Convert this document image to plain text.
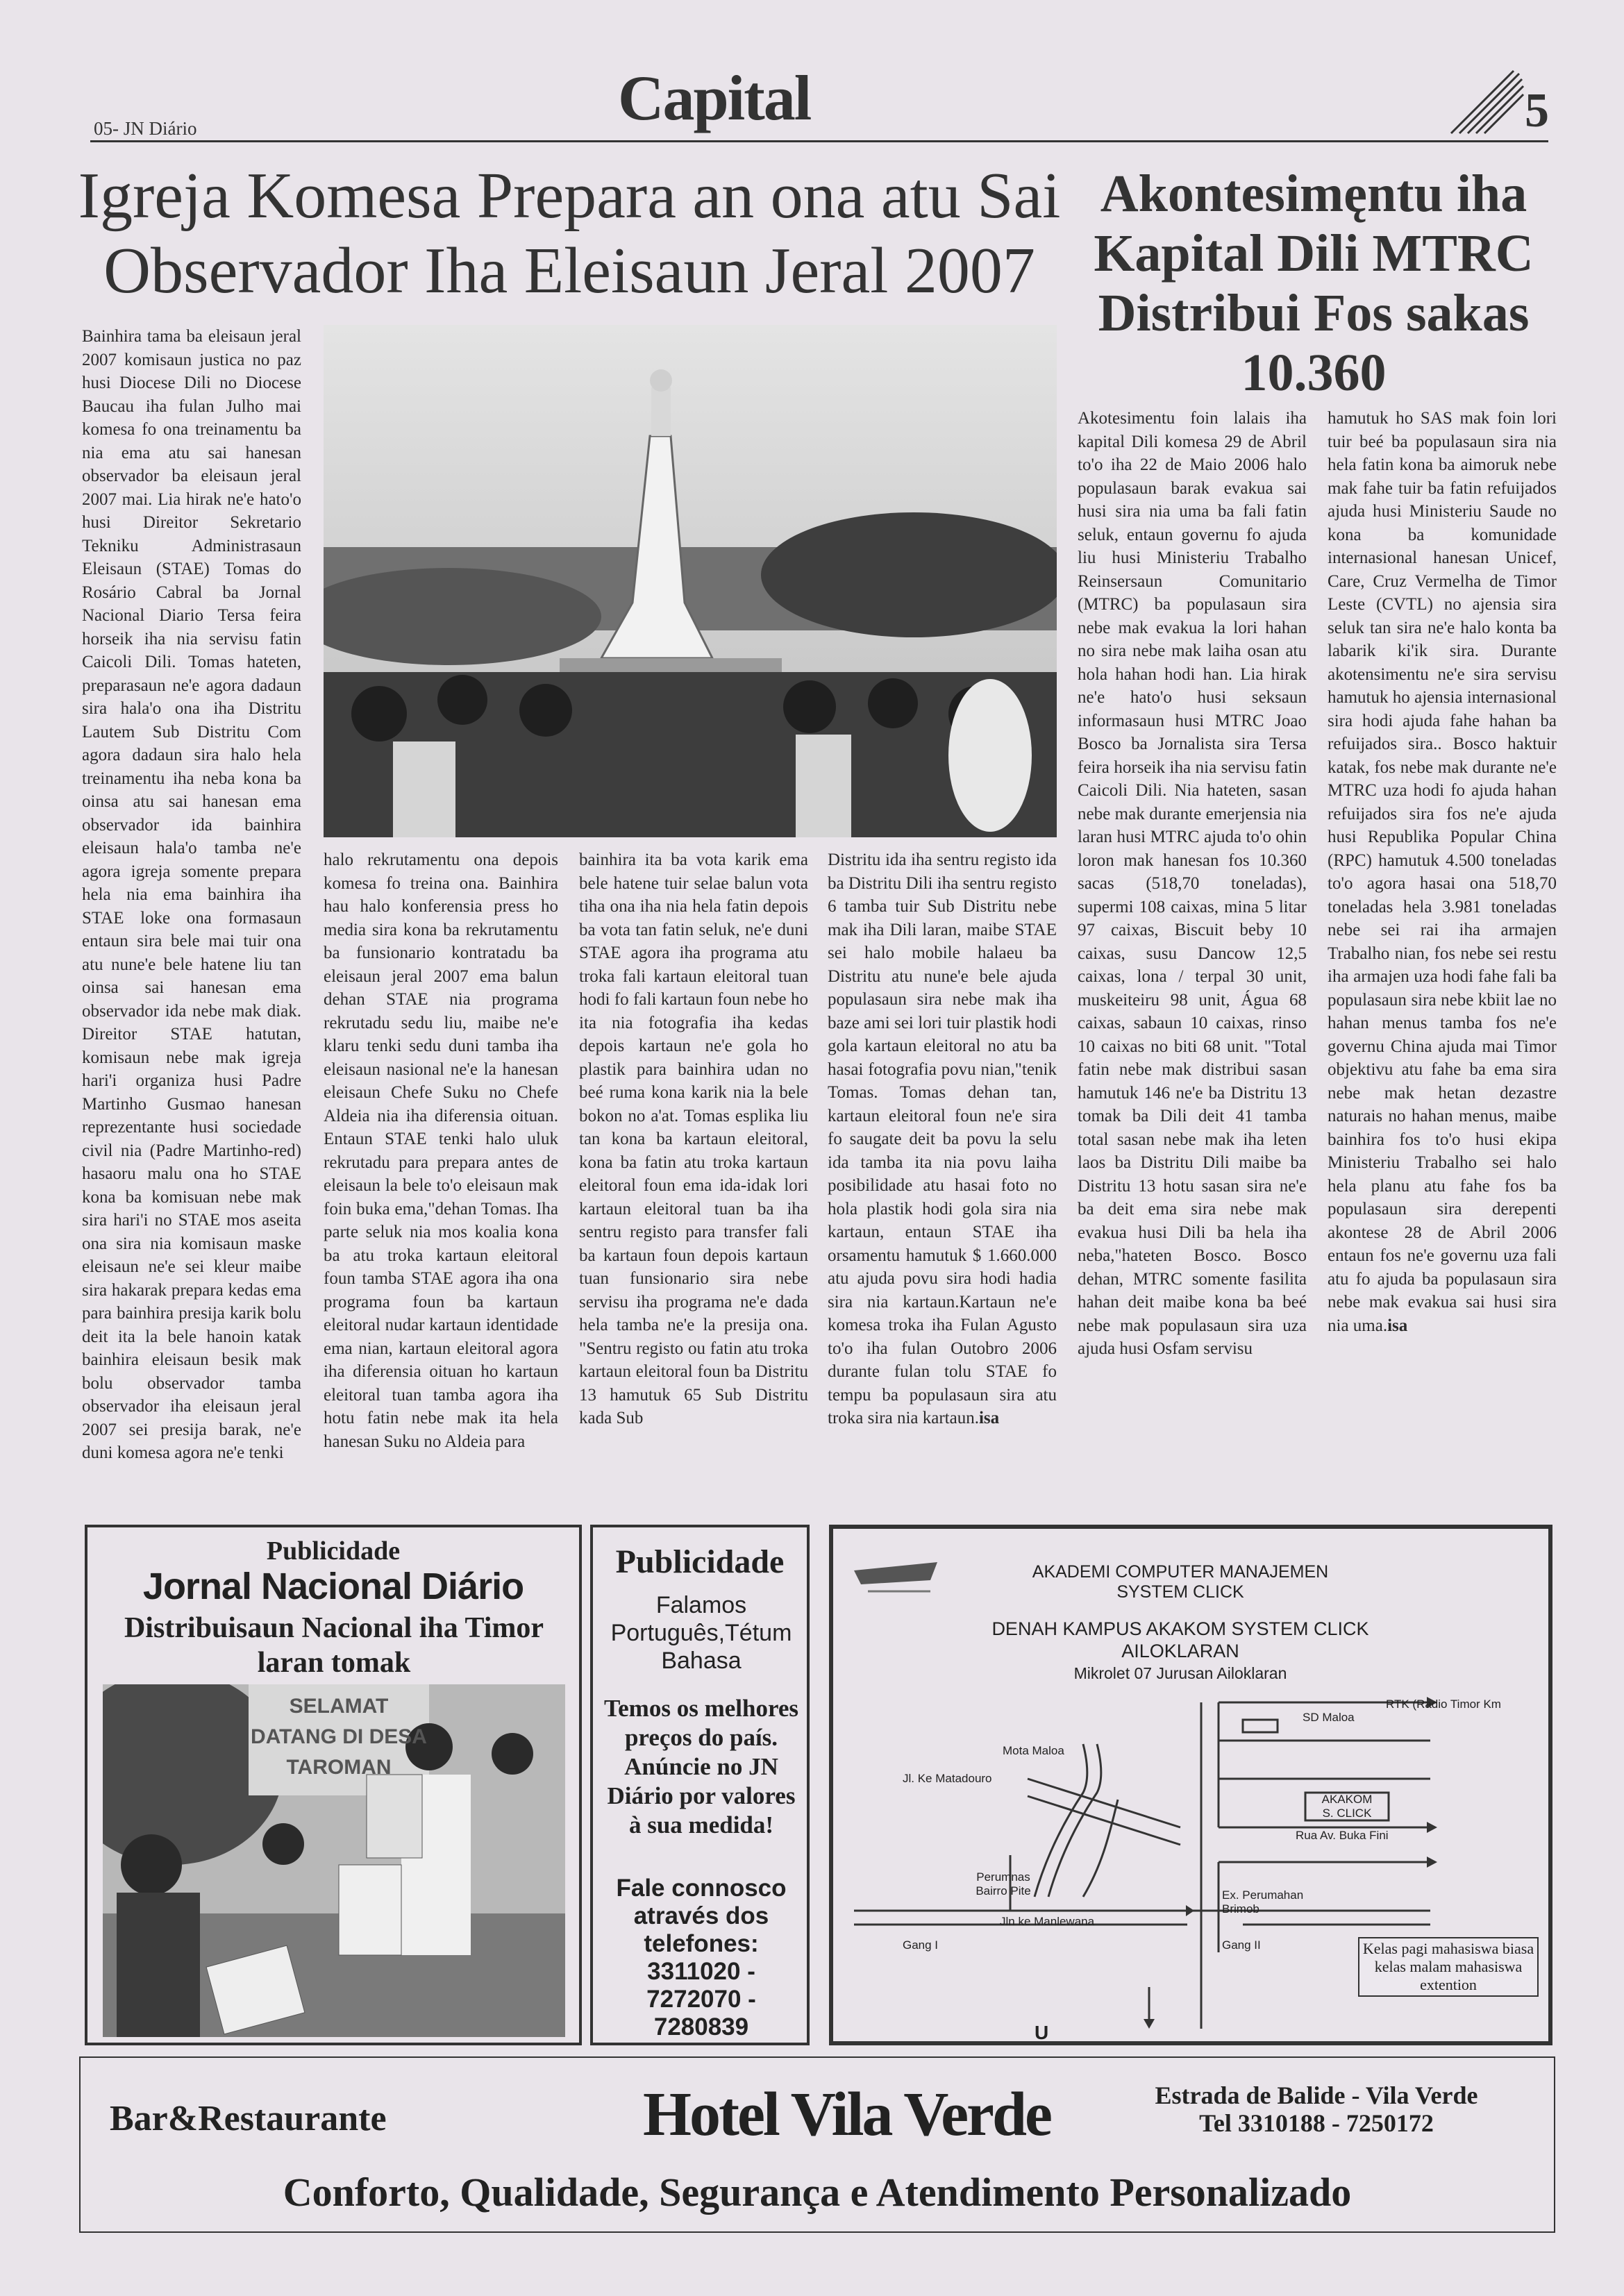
05- JN Diário	Capital	5
Igreja Komesa Prepara an ona atu Sai
Observador Iha Eleisaun Jeral 2007

Bainhira tama ba eleisaun jeral 2007 komisaun justica no paz husi Diocese Dili no Diocese Baucau iha fulan Julho mai komesa fo ona treinamentu ba nia ema atu sai hanesan observador ba eleisaun jeral 2007 mai. Lia hirak ne'e hato'o husi Direitor Sekretario Tekniku Administrasaun Eleisaun (STAE) Tomas do Rosário Cabral ba Jornal Nacional Diario Tersa feira horseik iha nia servisu fatin Caicoli Dili. Tomas hateten, preparasaun ne'e agora dadaun sira hala'o ona iha Distritu Lautem Sub Distritu Com agora dadaun sira halo hela treinamentu iha neba kona ba oinsa atu sai hanesan ema observador ida bainhira eleisaun hala'o tamba ne'e agora igreja somente prepara hela nia ema bainhira iha STAE loke ona formasaun entaun sira bele mai tuir ona atu nune'e bele hatene liu tan oinsa sai hanesan ema observador ida nebe mak diak. Direitor STAE hatutan, komisaun nebe mak igreja hari'i organiza husi Padre Martinho Gusmao hanesan reprezentante husi sociedade civil nia (Padre Martinho-red) hasaoru malu ona ho STAE kona ba komisuan nebe mak sira hari'i no STAE mos aseita ona sira nia komisaun maske eleisaun ne'e sei kleur maibe sira hakarak prepara kedas ema para bainhira presija karik bolu deit ita la bele hanoin katak bainhira eleisaun besik mak bolu observador tamba observador iha eleisaun jeral 2007 sei presija barak, ne'e duni komesa agora ne'e tenki

halo rekrutamentu ona depois komesa fo treina ona. Bainhira hau halo konferensia press ho media sira kona ba rekrutamentu ba funsionario kontratadu ba eleisaun jeral 2007 ema balun dehan STAE nia programa rekrutadu sedu liu, maibe ne'e klaru tenki sedu duni tamba iha eleisaun nasional ne'e la hanesan eleisaun Chefe Suku no Chefe Aldeia nia iha diferensia oituan. Entaun STAE tenki halo uluk rekrutadu para prepara antes de eleisaun la bele to'o eleisaun mak foin buka ema,"dehan Tomas. Iha parte seluk nia mos koalia kona ba atu troka kartaun eleitoral foun tamba STAE agora iha ona programa foun ba kartaun eleitoral nudar kartaun identidade ema nian, kartaun eleitoral agora iha diferensia oituan ho kartaun eleitoral tuan tamba agora iha hotu fatin nebe mak ita hela hanesan Suku no Aldeia para

bainhira ita ba vota karik ema bele hatene tuir selae balun vota tiha ona iha nia hela fatin depois ba vota tan fatin seluk, ne'e duni STAE agora iha programa atu troka fali kartaun eleitoral tuan hodi fo fali kartaun foun nebe ho ita nia fotografia iha kedas depois kartaun ne'e gola ho plastik para bainhira udan no beé ruma kona karik nia la bele bokon no a'at. Tomas esplika liu tan kona ba kartaun eleitoral, kona ba fatin atu troka kartaun eleitoral foun ema ida-idak lori kartaun eleitoral tuan ba iha sentru registo para transfer fali ba kartaun foun depois kartaun tuan funsionario sira nebe servisu iha programa ne'e dada hela tamba ne'e la presija ona. "Sentru registo ou fatin atu troka kartaun eleitoral foun ba Distritu 13 hamutuk 65 Sub Distritu kada Sub

Distritu ida iha sentru registo ida ba Distritu Dili iha sentru registo 6 tamba tuir Sub Distritu nebe mak iha Dili laran, maibe STAE sei halo mobile halaeu ba Distritu atu nune'e bele ajuda populasaun sira nebe mak iha baze ami sei lori tuir plastik hodi gola kartaun eleitoral no atu ba hasai fotografia povu nian,"tenik Tomas. Tomas dehan tan, kartaun eleitoral foun ne'e sira fo saugate deit ba povu la selu ida tamba ita nia povu laiha posibilidade atu hasai foto no hola plastik hodi gola sira nia kartaun, entaun STAE iha orsamentu hamutuk $ 1.660.000 atu ajuda povu sira hodi hadia sira nia kartaun.Kartaun ne'e komesa troka iha Fulan Agusto to'o iha fulan Outobro 2006 durante fulan tolu STAE fo tempu ba populasaun sira atu troka sira nia kartaun.isa

Akontesimęntu iha Kapital Dili MTRC Distribui Fos sakas 10.360

Akotesimentu foin lalais iha kapital Dili komesa 29 de Abril to'o iha 22 de Maio 2006 halo populasaun barak evakua sai husi sira nia uma ba fali fatin seluk, entaun governu fo ajuda liu husi Ministeriu Trabalho Reinsersaun Comunitario (MTRC) ba populasaun sira nebe mak evakua la lori hahan no sira nebe mak laiha osan atu hola hahan hodi han. Lia hirak ne'e hato'o husi seksaun informasaun husi MTRC Joao Bosco ba Jornalista sira Tersa feira horseik iha nia servisu fatin Caicoli Dili. Nia hateten, sasan nebe mak durante emerjensia nia laran husi MTRC ajuda to'o ohin loron mak hanesan fos 10.360 sacas (518,70 toneladas), supermi 108 caixas, mina 5 litar 97 caixas, Biscuit beby 10 caixas, susu Dancow 12,5 caixas, lona / terpal 30 unit, muskeiteiru 98 unit, Água 68 caixas, sabaun 10 caixas, rinso 10 caixas no biti 68 unit. "Total fatin nebe mak distribui sasan hamutuk 146 ne'e ba Distritu 13 tomak ba Dili deit 41 tamba total sasan nebe mak iha leten laos ba Distritu Dili maibe ba Distritu 13 hotu sasan sira ne'e ba deit ema sira nebe mak evakua husi Dili ba hela iha neba,"hateten Bosco. Bosco dehan, MTRC somente fasilita hahan deit maibe kona ba beé nebe mak populasaun sira uza ajuda husi Osfam servisu

hamutuk ho SAS mak foin lori tuir beé ba populasaun sira nia hela fatin kona ba aimoruk nebe mak fahe tuir ba fatin refuijados ajuda husi Ministeriu Saude no kona ba komunidade internasional hanesan Unicef, Care, Cruz Vermelha de Timor Leste (CVTL) no ajensia sira seluk tan sira ne'e halo konta ba labarik ki'ik sira. Durante akotensimentu ne'e sira servisu hamutuk ho ajensia internasional sira hodi ajuda fahe hahan ba refuijados sira.. Bosco haktuir katak, fos nebe mak durante ne'e MTRC uza hodi fo ajuda hahan refuijados sira fos ne'e ajuda husi Republika Popular China (RPC) hamutuk 4.500 toneladas to'o agora hasai ona 518,70 toneladas hela 3.981 toneladas nebe sei rai iha armajen Trabalho nian, fos nebe sei restu iha armajen uza hodi fahe fali ba populasaun sira nebe kbiit lae no hahan menus tamba fos ne'e governu China ajuda mai Timor objektivu atu fahe ba ema sira nebe mak hetan dezastre naturais no hahan menus, maibe bainhira fos to'o husi ekipa Ministeriu Trabalho sei halo hela planu atu fahe fos ba populasaun sira derepenti akontese 28 de Abril 2006 entaun fos ne'e governu uza fali atu fo ajuda ba populasaun sira nebe mak evakua sai husi sira nia uma.isa

Publicidade
Jornal Nacional Diário
Distribuisaun Nacional iha Timor laran tomak
SELAMAT DATANG DI DESA TAROMAN
Publicidade
Falamos Português,Tétum Bahasa
Temos os melhores preços do país. Anúncie no JN Diário por valores à sua medida!
Fale connosco através dos telefones:
3311020 - 7272070 - 7280839
AKADEMI COMPUTER MANAJEMEN
SYSTEM CLICK
DENAH KAMPUS AKAKOM SYSTEM CLICK
AILOKLARAN
Mikrolet 07 Jurusan Ailoklaran
RTK (Radio Timor Km
SD Maloa
Mota Maloa
Jl. Ke Matadouro
AKAKOM
S. CLICK
Rua Av. Buka Fini
Perumnas
Bairro Pite	Ex. Perumahan
Brimob
Jln ke Manlewana
Gang I	Gang II
U
Kelas pagi mahasiswa biasa kelas malam mahasiswa extention
Bar&Restaurante	Hotel Vila Verde	Estrada de Balide - Vila Verde
Tel 3310188 - 7250172
Conforto, Qualidade, Segurança e Atendimento Personalizado
